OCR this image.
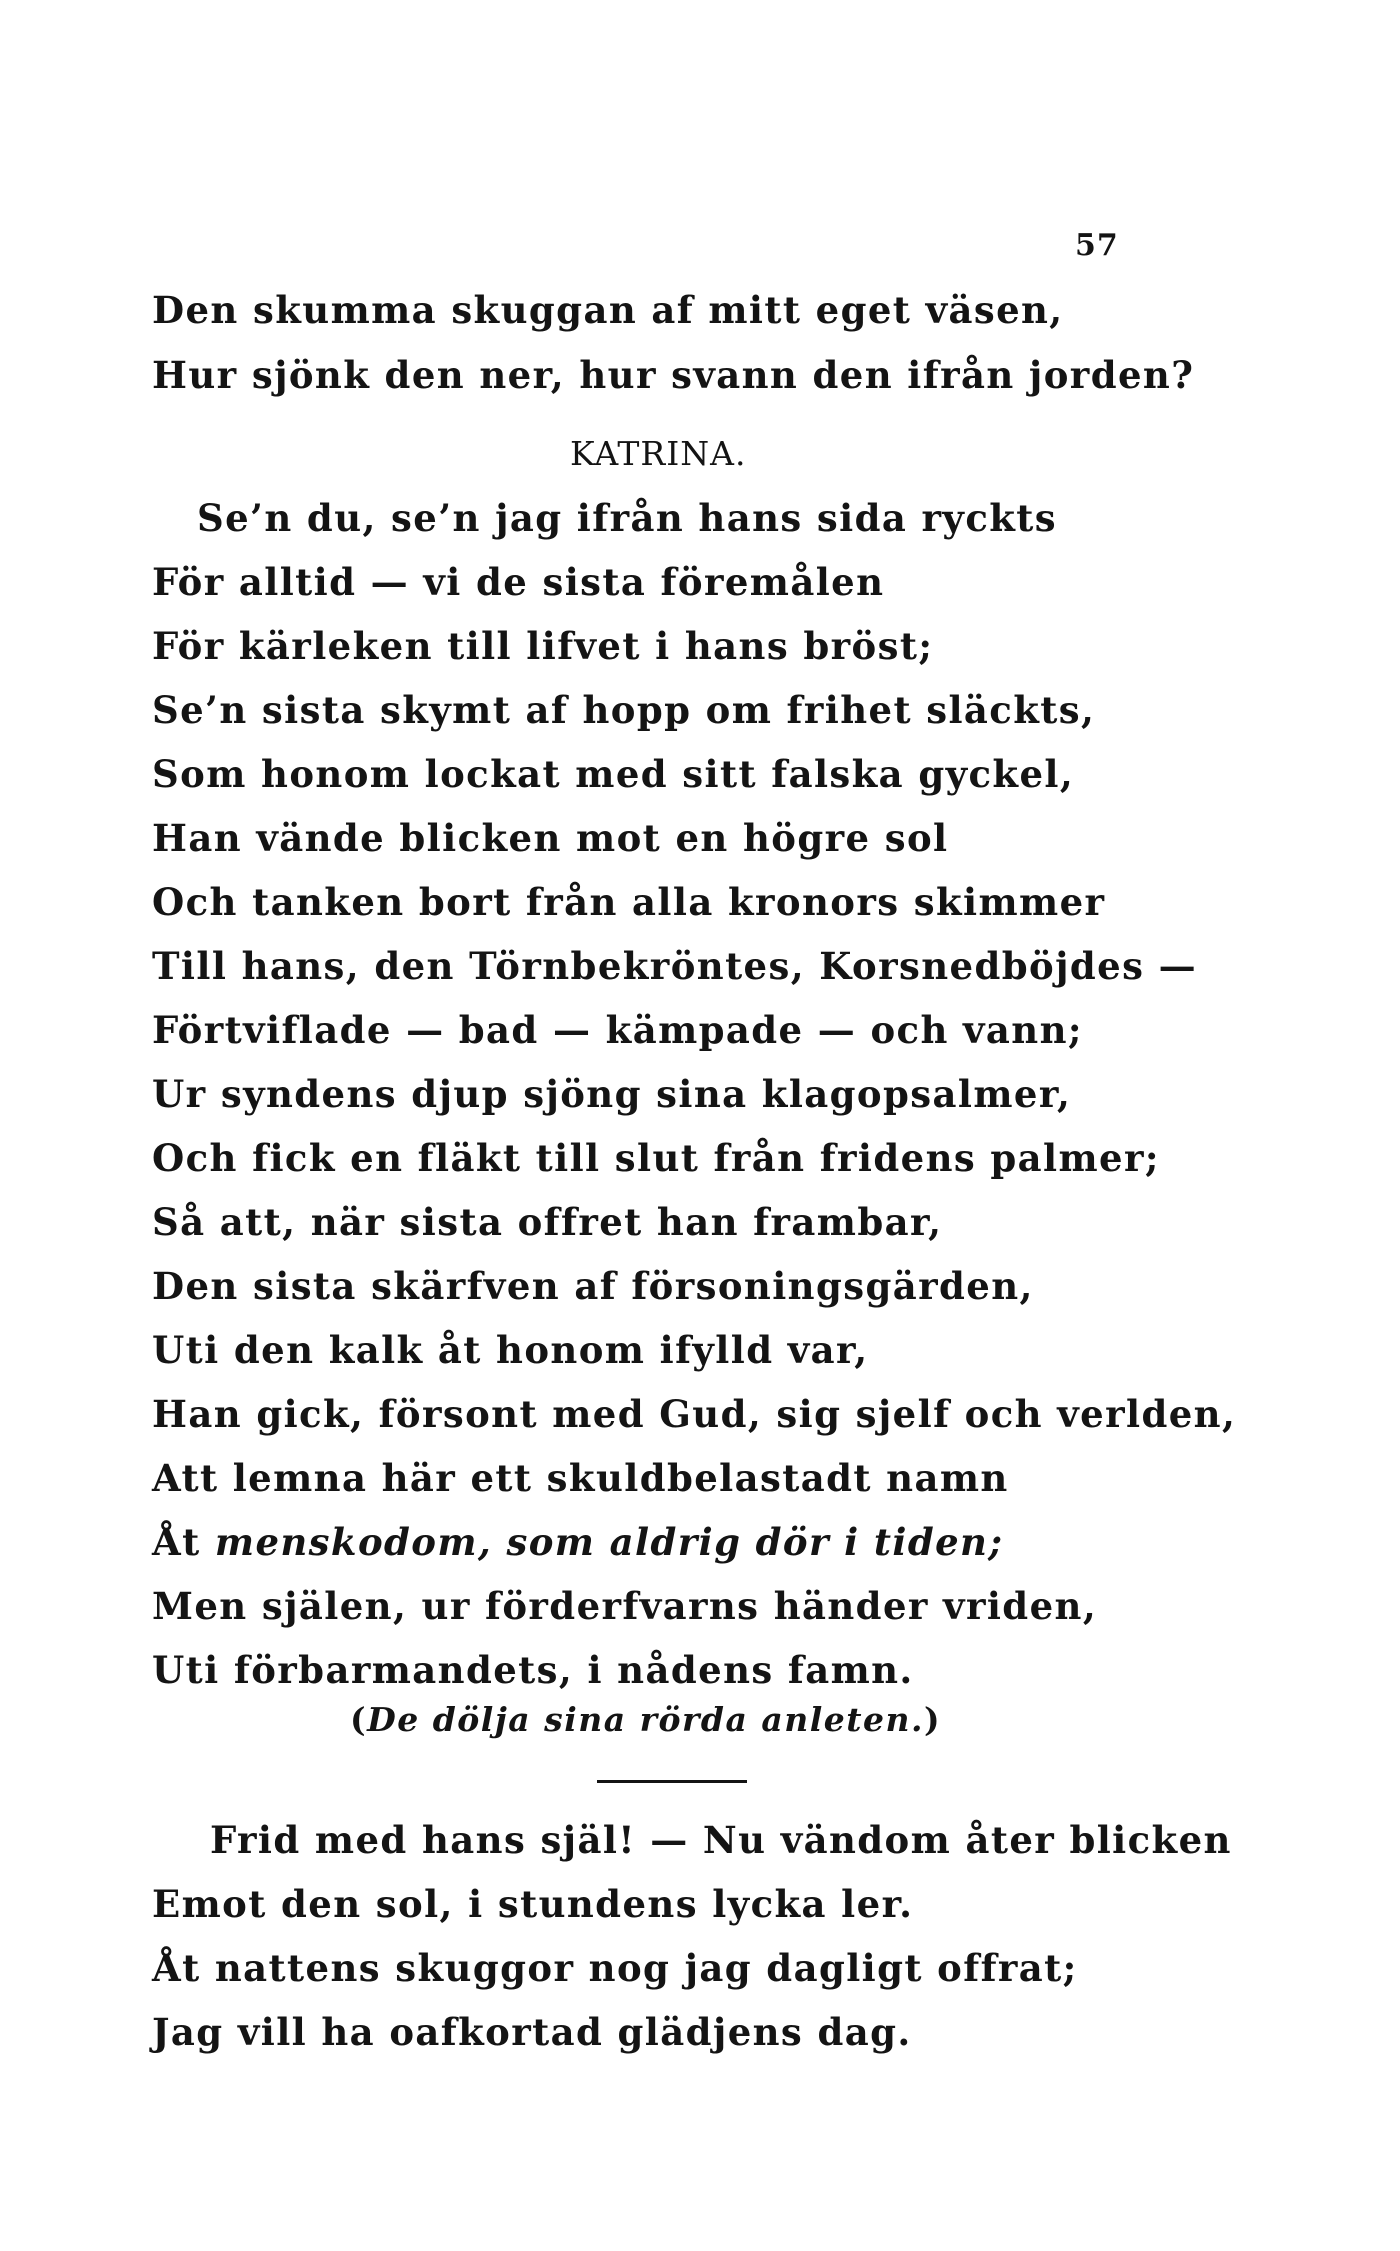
57
Den skumma skuggan af mitt eget väsen,
Hur sjönk den ner, hur svann den ifrån jorden?
KATRINA.
Se’n du, se’n jag ifrån hans sida ryckts
För alltid — vi de sista föremålen
För kärleken till lifvet i hans bröst;
Se’n sista skymt af hopp om frihet släckts,
Som honom lockat med sitt falska gyckel,
Han vände blicken mot en högre sol
Och tanken bort från alla kronors skimmer
Till hans, den Törnbekröntes, Korsnedböjdes —
Förtviflade — bad — kämpade — och vann;
Ur syndens djup sjöng sina klagopsalmer,
Och fick en fläkt till slut från fridens palmer;
Så att, när sista offret han frambar,
Den sista skärfven af försoningsgärden,
Uti den kalk åt honom ifylld var,
Han gick, försont med Gud, sig sjelf och verlden,
Att lemna här ett skuldbelastadt namn
Åt menskodom, som aldrig dör i tiden;
Men själen, ur förderfvarns händer vriden,
Uti förbarmandets, i nådens famn.
(De dölja sina rörda anleten.)
Frid med hans själ! — Nu vändom åter blicken
Emot den sol, i stundens lycka ler.
Åt nattens skuggor nog jag dagligt offrat;
Jag vill ha oafkortad glädjens dag.
